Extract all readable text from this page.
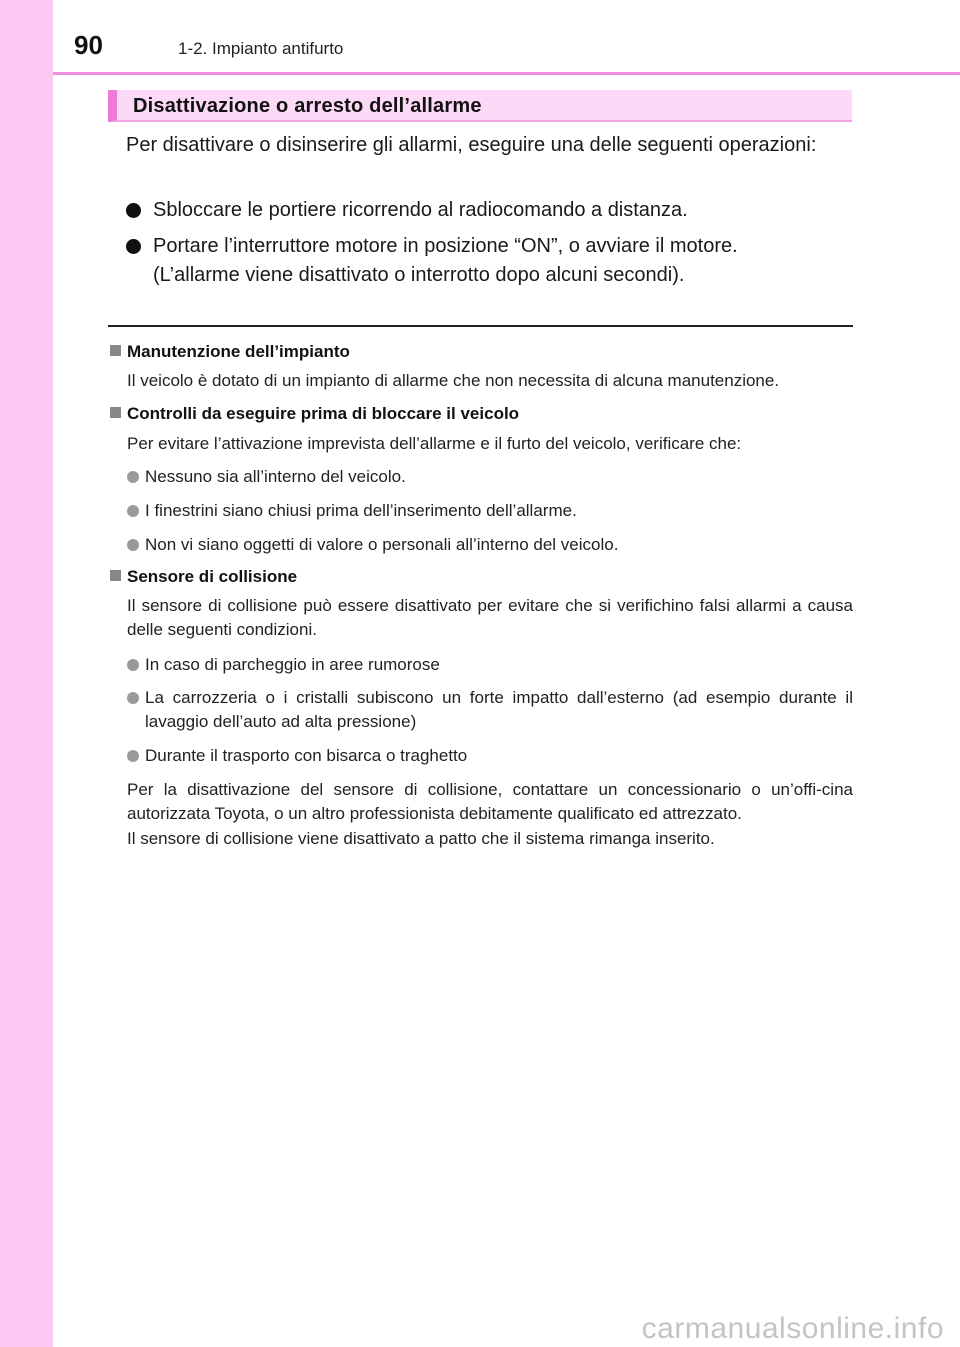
90	1-2. Impianto antifurto
Disattivazione o arresto dell’allarme
Per disattivare o disinserire gli allarmi, eseguire una delle seguenti operazioni:
Sbloccare le portiere ricorrendo al radiocomando a distanza.
Portare l’interruttore motore in posizione “ON”, o avviare il motore.
(L’allarme viene disattivato o interrotto dopo alcuni secondi).
Manutenzione dell’impianto
Il veicolo è dotato di un impianto di allarme che non necessita di alcuna manutenzione.
Controlli da eseguire prima di bloccare il veicolo
Per evitare l’attivazione imprevista dell’allarme e il furto del veicolo, verificare che:
Nessuno sia all’interno del veicolo.
I finestrini siano chiusi prima dell’inserimento dell’allarme.
Non vi siano oggetti di valore o personali all’interno del veicolo.
Sensore di collisione
Il sensore di collisione può essere disattivato per evitare che si verifichino falsi allarmi a causa delle seguenti condizioni.
In caso di parcheggio in aree rumorose
La carrozzeria o i cristalli subiscono un forte impatto dall’esterno (ad esempio durante il lavaggio dell’auto ad alta pressione)
Durante il trasporto con bisarca o traghetto
Per la disattivazione del sensore di collisione, contattare un concessionario o un’offi-cina autorizzata Toyota, o un altro professionista debitamente qualificato ed attrezzato.
Il sensore di collisione viene disattivato a patto che il sistema rimanga inserito.
carmanualsonline.info
